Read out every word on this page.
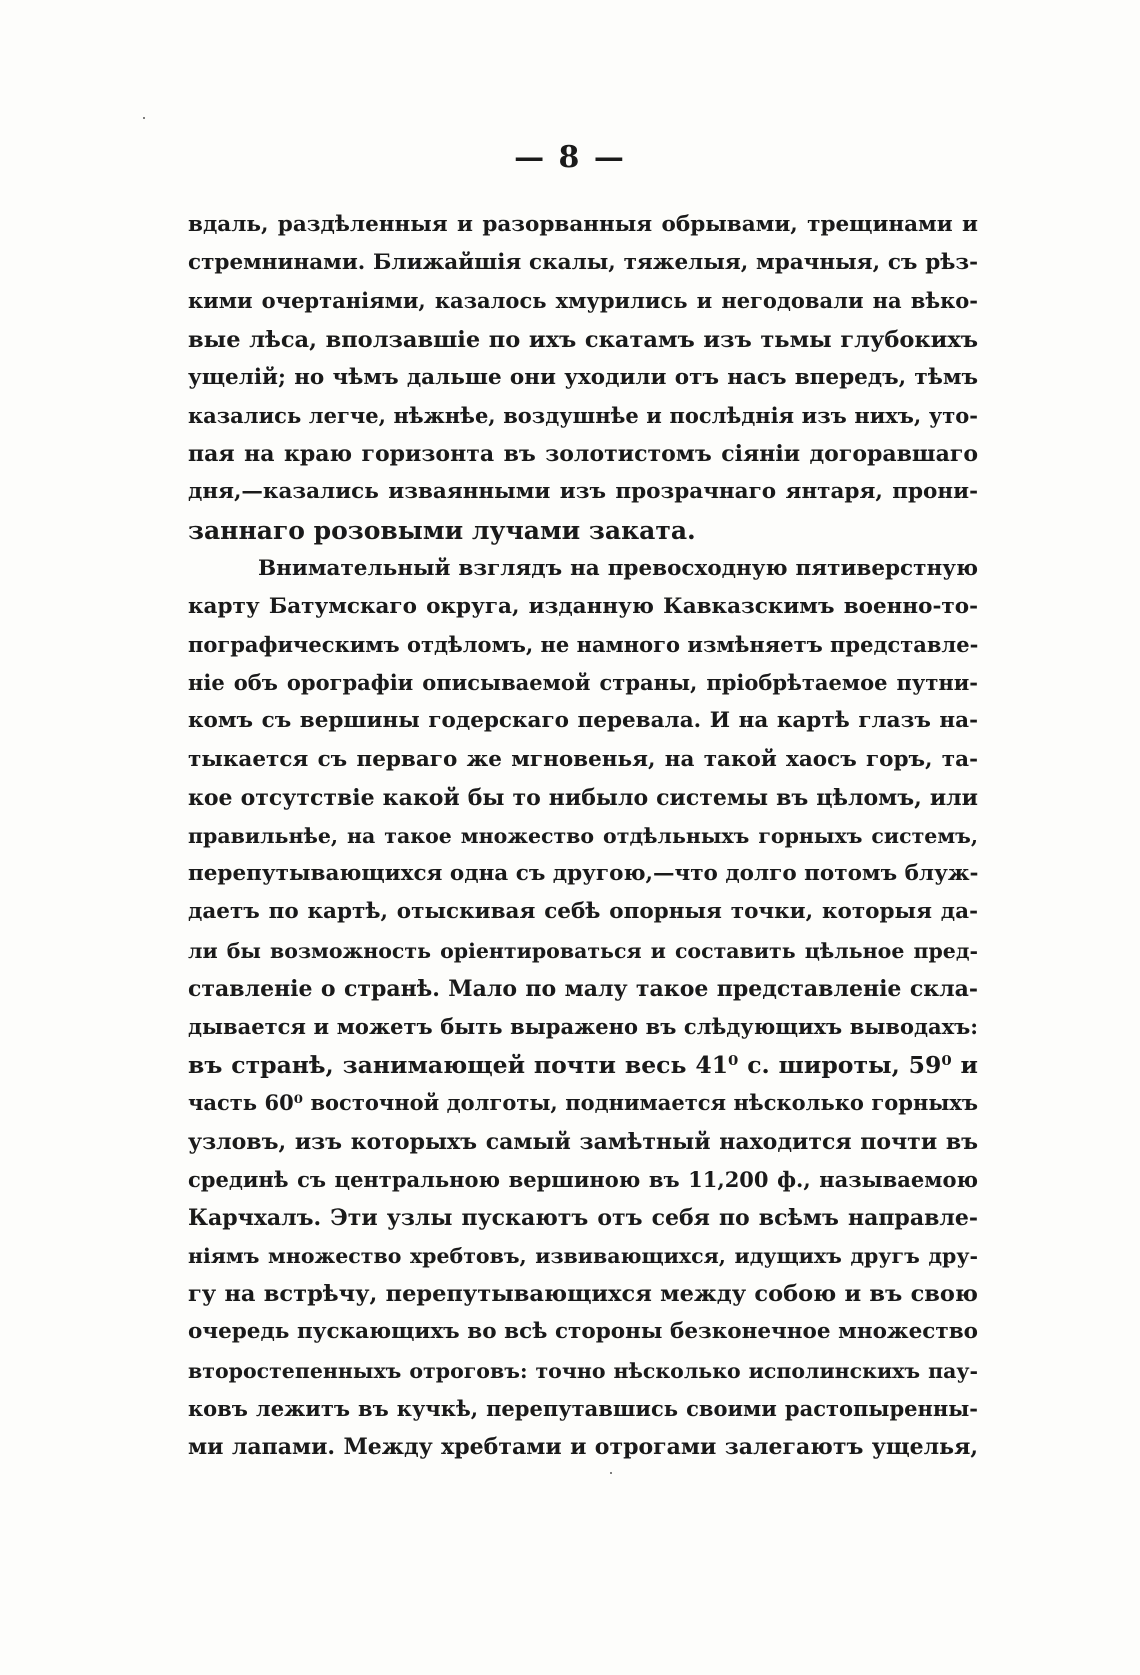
— 8 —
вдаль, раздѣленныя и разорванныя обрывами, трещинами и
стремнинами. Ближайшія скалы, тяжелыя, мрачныя, съ рѣз-
кими очертаніями, казалось хмурились и негодовали на вѣко-
вые лѣса, вползавшіе по ихъ скатамъ изъ тьмы глубокихъ
ущелій; но чѣмъ дальше они уходили отъ насъ впередъ, тѣмъ
казались легче, нѣжнѣе, воздушнѣе и послѣднія изъ нихъ, уто-
пая на краю горизонта въ золотистомъ сіяніи догоравшаго
дня,—казались изваянными изъ прозрачнаго янтаря, прони-
заннаго розовыми лучами заката.
Внимательный взглядъ на превосходную пятиверстную
карту Батумскаго округа, изданную Кавказскимъ военно-то-
пографическимъ отдѣломъ, не намного измѣняетъ представле-
ніе объ орографіи описываемой страны, пріобрѣтаемое путни-
комъ съ вершины годерскаго перевала. И на картѣ глазъ на-
тыкается съ перваго же мгновенья, на такой хаосъ горъ, та-
кое отсутствіе какой бы то нибыло системы въ цѣломъ, или
правильнѣе, на такое множество отдѣльныхъ горныхъ системъ,
перепутывающихся одна съ другою,—что долго потомъ блуж-
даетъ по картѣ, отыскивая себѣ опорныя точки, которыя да-
ли бы возможность оріентироваться и составить цѣльное пред-
ставленіе о странѣ. Мало по малу такое представленіе скла-
дывается и можетъ быть выражено въ слѣдующихъ выводахъ:
въ странѣ, занимающей почти весь 41⁰ с. широты, 59⁰ и
часть 60⁰ восточной долготы, поднимается нѣсколько горныхъ
узловъ, изъ которыхъ самый замѣтный находится почти въ
срединѣ съ центральною вершиною въ 11,200 ф., называемою
Карчхалъ. Эти узлы пускаютъ отъ себя по всѣмъ направле-
ніямъ множество хребтовъ, извивающихся, идущихъ другъ дру-
гу на встрѣчу, перепутывающихся между собою и въ свою
очередь пускающихъ во всѣ стороны безконечное множество
второстепенныхъ отроговъ: точно нѣсколько исполинскихъ пау-
ковъ лежитъ въ кучкѣ, перепутавшись своими растопыренны-
ми лапами. Между хребтами и отрогами залегаютъ ущелья,
